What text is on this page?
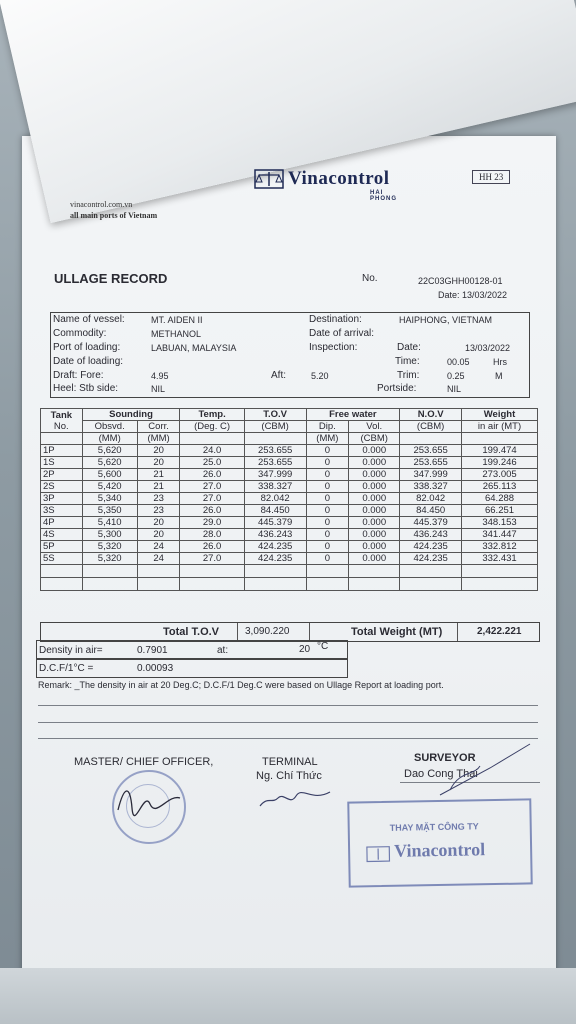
Vinacontrol
HAI PHONG
HH 23
vinacontrol.com.vn
all main ports of Vietnam
ULLAGE RECORD	No.	22C03GHH00128-01
Date: 13/03/2022
Name of vessel:	MT. AIDEN II
Commodity:	METHANOL
Port of loading:	LABUAN, MALAYSIA
Date of loading:
Draft: Fore:	4.95	Aft:	5.20
Heel: Stb side:	NIL
Destination:	HAIPHONG, VIETNAM
Date of arrival:
Inspection:	Date:	13/03/2022
Time:	00.05	Hrs
Trim:	0.25	M
Portside:	NIL
Tank
No.	Sounding		Temp.	T.O.V	Free water		N.O.V	Weight
	Obsvd.	Corr.	(Deg. C)	(CBM)	Dip.	Vol.	(CBM)	in air (MT)
	(MM)	(MM)			(MM)	(CBM)		
1P	5,620	20	24.0	253.655	0	0.000	253.655	199.474
1S	5,620	20	25.0	253.655	0	0.000	253.655	199.246
2P	5,600	21	26.0	347.999	0	0.000	347.999	273.005
2S	5,420	21	27.0	338.327	0	0.000	338.327	265.113
3P	5,340	23	27.0	82.042	0	0.000	82.042	64.288
3S	5,350	23	26.0	84.450	0	0.000	84.450	66.251
4P	5,410	20	29.0	445.379	0	0.000	445.379	348.153
4S	5,300	20	28.0	436.243	0	0.000	436.243	341.447
5P	5,320	24	26.0	424.235	0	0.000	424.235	332.812
5S	5,320	24	27.0	424.235	0	0.000	424.235	332.431

Total T.O.V	3,090.220	Total Weight (MT)	2,422.221
Density in air=	0.7901	at:	20 °C
D.C.F/1°C =	0.00093
Remark: _The density in air at 20 Deg.C; D.C.F/1 Deg.C were based on Ullage Report at loading port.
MASTER/ CHIEF OFFICER,	TERMINAL
Ng. Chí Thức
SURVEYOR
Dao Cong Thai
THAY MẶT CÔNG TY
Vinacontrol
